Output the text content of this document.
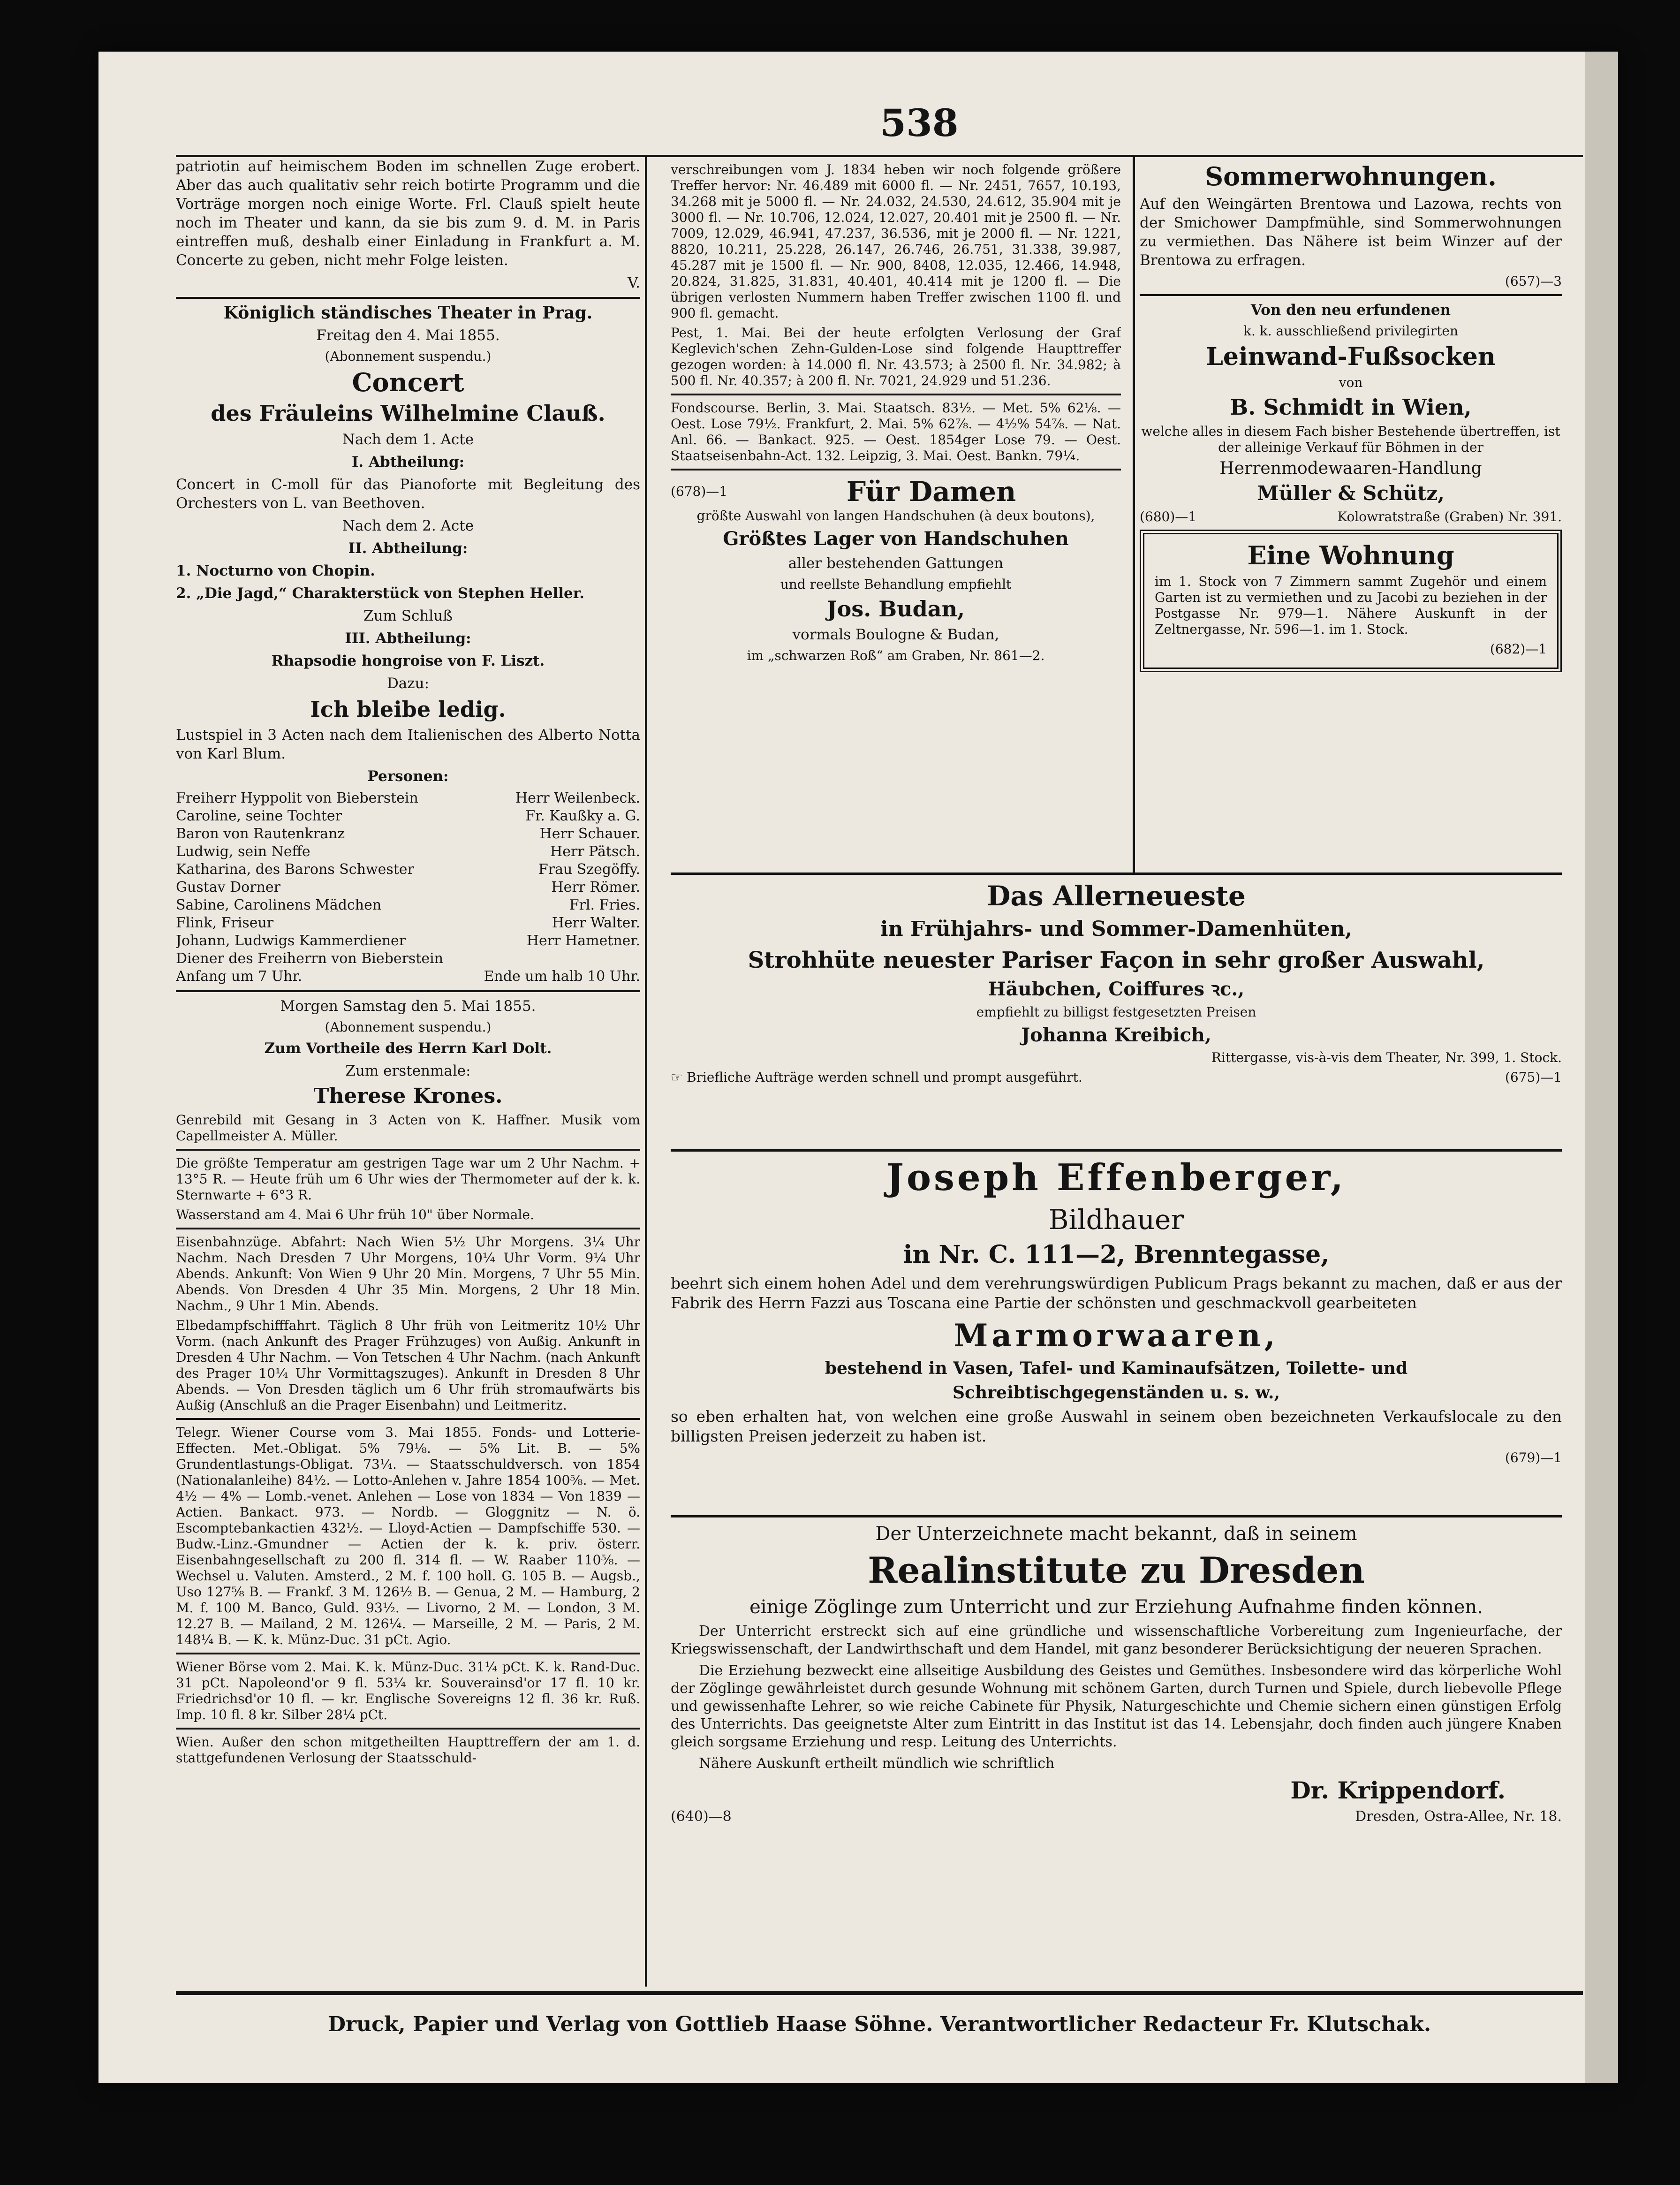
538

patriotin auf heimischem Boden im schnellen Zuge erobert. Aber das auch qualitativ sehr reich botirte Programm und die Vorträge morgen noch einige Worte. Frl. Clauß spielt heute noch im Theater und kann, da sie bis zum 9. d. M. in Paris eintreffen muß, deshalb einer Einladung in Frankfurt a. M. Concerte zu geben, nicht mehr Folge leisten.

V.

Königlich ständisches Theater in Prag.

Freitag den 4. Mai 1855.

(Abonnement suspendu.)

Concert

des Fräuleins Wilhelmine Clauß.

Nach dem 1. Acte

I. Abtheilung:

Concert in C-moll für das Pianoforte mit Begleitung des Orchesters von L. van Beethoven.

Nach dem 2. Acte

II. Abtheilung:

1. Nocturno von Chopin.

2. „Die Jagd,“ Charakterstück von Stephen Heller.

Zum Schluß

III. Abtheilung:

Rhapsodie hongroise von F. Liszt.

Dazu:

Ich bleibe ledig.

Lustspiel in 3 Acten nach dem Italienischen des Alberto Notta von Karl Blum.

Personen:

Freiherr Hyppolit von Bieberstein	Herr Weilenbeck.
Caroline, seine Tochter	Fr. Kaußky a. G.
Baron von Rautenkranz	Herr Schauer.
Ludwig, sein Neffe	Herr Pätsch.
Katharina, des Barons Schwester	Frau Szegöffy.
Gustav Dorner	Herr Römer.
Sabine, Carolinens Mädchen	Frl. Fries.
Flink, Friseur	Herr Walter.
Johann, Ludwigs Kammerdiener	Herr Hametner.
Diener des Freiherrn von Bieberstein
Anfang um 7 Uhr.	Ende um halb 10 Uhr.

Morgen Samstag den 5. Mai 1855.

(Abonnement suspendu.)

Zum Vortheile des Herrn Karl Dolt.

Zum erstenmale:

Therese Krones.

Genrebild mit Gesang in 3 Acten von K. Haffner. Musik vom Capellmeister A. Müller.

Die größte Temperatur am gestrigen Tage war um 2 Uhr Nachm. + 13°5 R. — Heute früh um 6 Uhr wies der Thermometer auf der k. k. Sternwarte + 6°3 R.

Wasserstand am 4. Mai 6 Uhr früh 10" über Normale.

Eisenbahnzüge. Abfahrt: Nach Wien 5½ Uhr Morgens. 3¼ Uhr Nachm. Nach Dresden 7 Uhr Morgens, 10¼ Uhr Vorm. 9¼ Uhr Abends. Ankunft: Von Wien 9 Uhr 20 Min. Morgens, 7 Uhr 55 Min. Abends. Von Dresden 4 Uhr 35 Min. Morgens, 2 Uhr 18 Min. Nachm., 9 Uhr 1 Min. Abends.

Elbedampfschifffahrt. Täglich 8 Uhr früh von Leitmeritz 10½ Uhr Vorm. (nach Ankunft des Prager Frühzuges) von Außig. Ankunft in Dresden 4 Uhr Nachm. — Von Tetschen 4 Uhr Nachm. (nach Ankunft des Prager 10¼ Uhr Vormittagszuges). Ankunft in Dresden 8 Uhr Abends. — Von Dresden täglich um 6 Uhr früh stromaufwärts bis Außig (Anschluß an die Prager Eisenbahn) und Leitmeritz.

Telegr. Wiener Course vom 3. Mai 1855. Fonds- und Lotterie-Effecten. Met.-Obligat. 5% 79⅛. — 5% Lit. B. — 5% Grundentlastungs-Obligat. 73¼. — Staatsschuldversch. von 1854 (Nationalanleihe) 84½. — Lotto-Anlehen v. Jahre 1854 100⅝. — Met. 4½ — 4% — Lomb.-venet. Anlehen — Lose von 1834 — Von 1839 — Actien. Bankact. 973. — Nordb. — Gloggnitz — N. ö. Escomptebankactien 432½. — Lloyd-Actien — Dampfschiffe 530. — Budw.-Linz.-Gmundner — Actien der k. k. priv. österr. Eisenbahngesellschaft zu 200 fl. 314 fl. — W. Raaber 110⅝. — Wechsel u. Valuten. Amsterd., 2 M. f. 100 holl. G. 105 B. — Augsb., Uso 127⅝ B. — Frankf. 3 M. 126½ B. — Genua, 2 M. — Hamburg, 2 M. f. 100 M. Banco, Guld. 93½. — Livorno, 2 M. — London, 3 M. 12.27 B. — Mailand, 2 M. 126¼. — Marseille, 2 M. — Paris, 2 M. 148¼ B. — K. k. Münz-Duc. 31 pCt. Agio.

Wiener Börse vom 2. Mai. K. k. Münz-Duc. 31¼ pCt. K. k. Rand-Duc. 31 pCt. Napoleond'or 9 fl. 53¼ kr. Souverainsd'or 17 fl. 10 kr. Friedrichsd'or 10 fl. — kr. Englische Sovereigns 12 fl. 36 kr. Ruß. Imp. 10 fl. 8 kr. Silber 28¼ pCt.

Wien. Außer den schon mitgetheilten Haupttreffern der am 1. d. stattgefundenen Verlosung der Staatsschuld-

verschreibungen vom J. 1834 heben wir noch folgende größere Treffer hervor: Nr. 46.489 mit 6000 fl. — Nr. 2451, 7657, 10.193, 34.268 mit je 5000 fl. — Nr. 24.032, 24.530, 24.612, 35.904 mit je 3000 fl. — Nr. 10.706, 12.024, 12.027, 20.401 mit je 2500 fl. — Nr. 7009, 12.029, 46.941, 47.237, 36.536, mit je 2000 fl. — Nr. 1221, 8820, 10.211, 25.228, 26.147, 26.746, 26.751, 31.338, 39.987, 45.287 mit je 1500 fl. — Nr. 900, 8408, 12.035, 12.466, 14.948, 20.824, 31.825, 31.831, 40.401, 40.414 mit je 1200 fl. — Die übrigen verlosten Nummern haben Treffer zwischen 1100 fl. und 900 fl. gemacht.

Pest, 1. Mai. Bei der heute erfolgten Verlosung der Graf Keglevich'schen Zehn-Gulden-Lose sind folgende Haupttreffer gezogen worden: à 14.000 fl. Nr. 43.573; à 2500 fl. Nr. 34.982; à 500 fl. Nr. 40.357; à 200 fl. Nr. 7021, 24.929 und 51.236.

Fondscourse. Berlin, 3. Mai. Staatsch. 83½. — Met. 5% 62⅛. — Oest. Lose 79½. Frankfurt, 2. Mai. 5% 62⅞. — 4½% 54⅞. — Nat. Anl. 66. — Bankact. 925. — Oest. 1854ger Lose 79. — Oest. Staatseisenbahn-Act. 132. Leipzig, 3. Mai. Oest. Bankn. 79¼.

(678)—1	Für Damen

größte Auswahl von langen Handschuhen (à deux boutons),

Größtes Lager von Handschuhen

aller bestehenden Gattungen

und reellste Behandlung empfiehlt

Jos. Budan,

vormals Boulogne & Budan,

im „schwarzen Roß“ am Graben, Nr. 861—2.

Sommerwohnungen.

Auf den Weingärten Brentowa und Lazowa, rechts von der Smichower Dampfmühle, sind Sommerwohnungen zu vermiethen. Das Nähere ist beim Winzer auf der Brentowa zu erfragen.

(657)—3

Von den neu erfundenen

k. k. ausschließend privilegirten

Leinwand-Fußsocken

von

B. Schmidt in Wien,

welche alles in diesem Fach bisher Bestehende übertreffen, ist der alleinige Verkauf für Böhmen in der

Herrenmodewaaren-Handlung

Müller & Schütz,

(680)—1	Kolowratstraße (Graben) Nr. 391.

Eine Wohnung

im 1. Stock von 7 Zimmern sammt Zugehör und einem Garten ist zu vermiethen und zu Jacobi zu beziehen in der Postgasse Nr. 979—1. Nähere Auskunft in der Zeltnergasse, Nr. 596—1. im 1. Stock.

(682)—1

Das Allerneueste

in Frühjahrs- und Sommer-Damenhüten,

Strohhüte neuester Pariser Façon in sehr großer Auswahl,

Häubchen, Coiffures ꝛc.,

empfiehlt zu billigst festgesetzten Preisen

Johanna Kreibich,

Rittergasse, vis-à-vis dem Theater, Nr. 399, 1. Stock.

☞ Briefliche Aufträge werden schnell und prompt ausgeführt.	(675)—1

Joseph Effenberger,

Bildhauer

in Nr. C. 111—2, Brenntegasse,

beehrt sich einem hohen Adel und dem verehrungswürdigen Publicum Prags bekannt zu machen, daß er aus der Fabrik des Herrn Fazzi aus Toscana eine Partie der schönsten und geschmackvoll gearbeiteten

Marmorwaaren,

bestehend in Vasen, Tafel- und Kaminaufsätzen, Toilette- und

Schreibtischgegenständen u. s. w.,

so eben erhalten hat, von welchen eine große Auswahl in seinem oben bezeichneten Verkaufslocale zu den billigsten Preisen jederzeit zu haben ist.

(679)—1

Der Unterzeichnete macht bekannt, daß in seinem

Realinstitute zu Dresden

einige Zöglinge zum Unterricht und zur Erziehung Aufnahme finden können.

Der Unterricht erstreckt sich auf eine gründliche und wissenschaftliche Vorbereitung zum Ingenieurfache, der Kriegswissenschaft, der Landwirthschaft und dem Handel, mit ganz besonderer Berücksichtigung der neueren Sprachen.

Die Erziehung bezweckt eine allseitige Ausbildung des Geistes und Gemüthes. Insbesondere wird das körperliche Wohl der Zöglinge gewährleistet durch gesunde Wohnung mit schönem Garten, durch Turnen und Spiele, durch liebevolle Pflege und gewissenhafte Lehrer, so wie reiche Cabinete für Physik, Naturgeschichte und Chemie sichern einen günstigen Erfolg des Unterrichts. Das geeignetste Alter zum Eintritt in das Institut ist das 14. Lebensjahr, doch finden auch jüngere Knaben gleich sorgsame Erziehung und resp. Leitung des Unterrichts.

Nähere Auskunft ertheilt mündlich wie schriftlich

Dr. Krippendorf.

(640)—8	Dresden, Ostra-Allee, Nr. 18.
Druck, Papier und Verlag von Gottlieb Haase Söhne. Verantwortlicher Redacteur Fr. Klutschak.
